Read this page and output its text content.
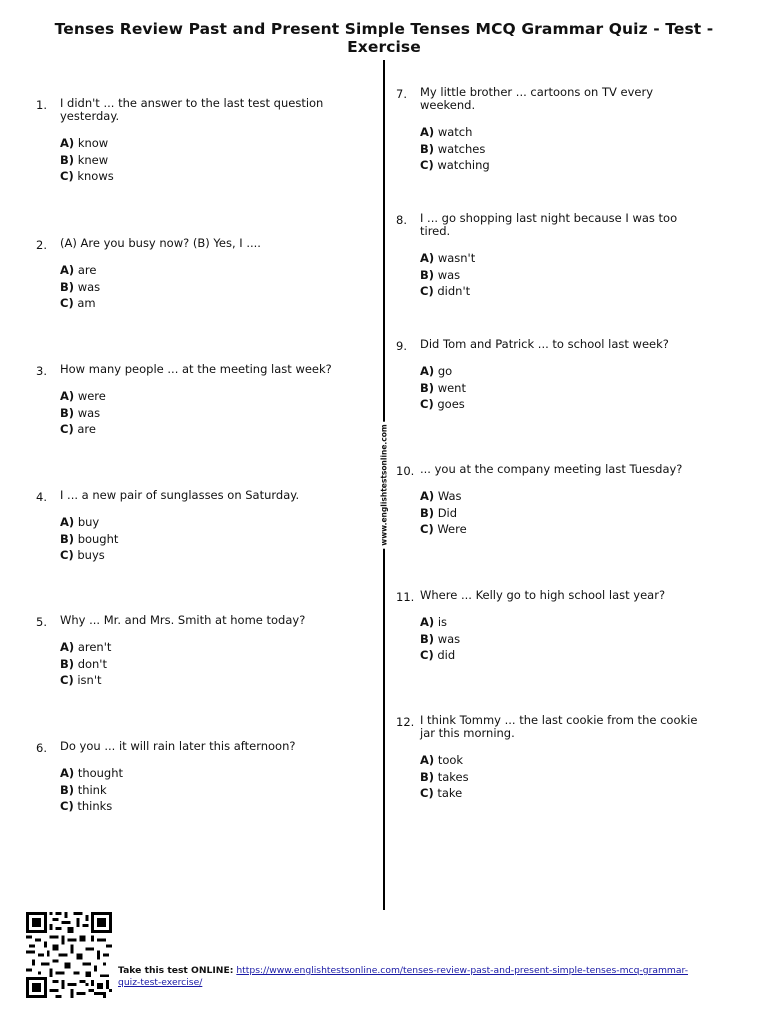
Tenses Review Past and Present Simple Tenses MCQ Grammar Quiz - Test - Exercise
www.englishtestsonline.com
1. I didn't ... the answer to the last test question yesterday.
A) know
B) knew
C) knows
2. (A) Are you busy now? (B) Yes, I ....
A) are
B) was
C) am
3. How many people ... at the meeting last week?
A) were
B) was
C) are
4. I ... a new pair of sunglasses on Saturday.
A) buy
B) bought
C) buys
5. Why ... Mr. and Mrs. Smith at home today?
A) aren't
B) don't
C) isn't
6. Do you ... it will rain later this afternoon?
A) thought
B) think
C) thinks
7. My little brother ... cartoons on TV every weekend.
A) watch
B) watches
C) watching
8. I ... go shopping last night because I was too tired.
A) wasn't
B) was
C) didn't
9. Did Tom and Patrick ... to school last week?
A) go
B) went
C) goes
10. ... you at the company meeting last Tuesday?
A) Was
B) Did
C) Were
11. Where ... Kelly go to high school last year?
A) is
B) was
C) did
12. I think Tommy ... the last cookie from the cookie jar this morning.
A) took
B) takes
C) take
Take this test ONLINE: https://www.englishtestsonline.com/tenses-review-past-and-present-simple-tenses-mcq-grammar-quiz-test-exercise/
